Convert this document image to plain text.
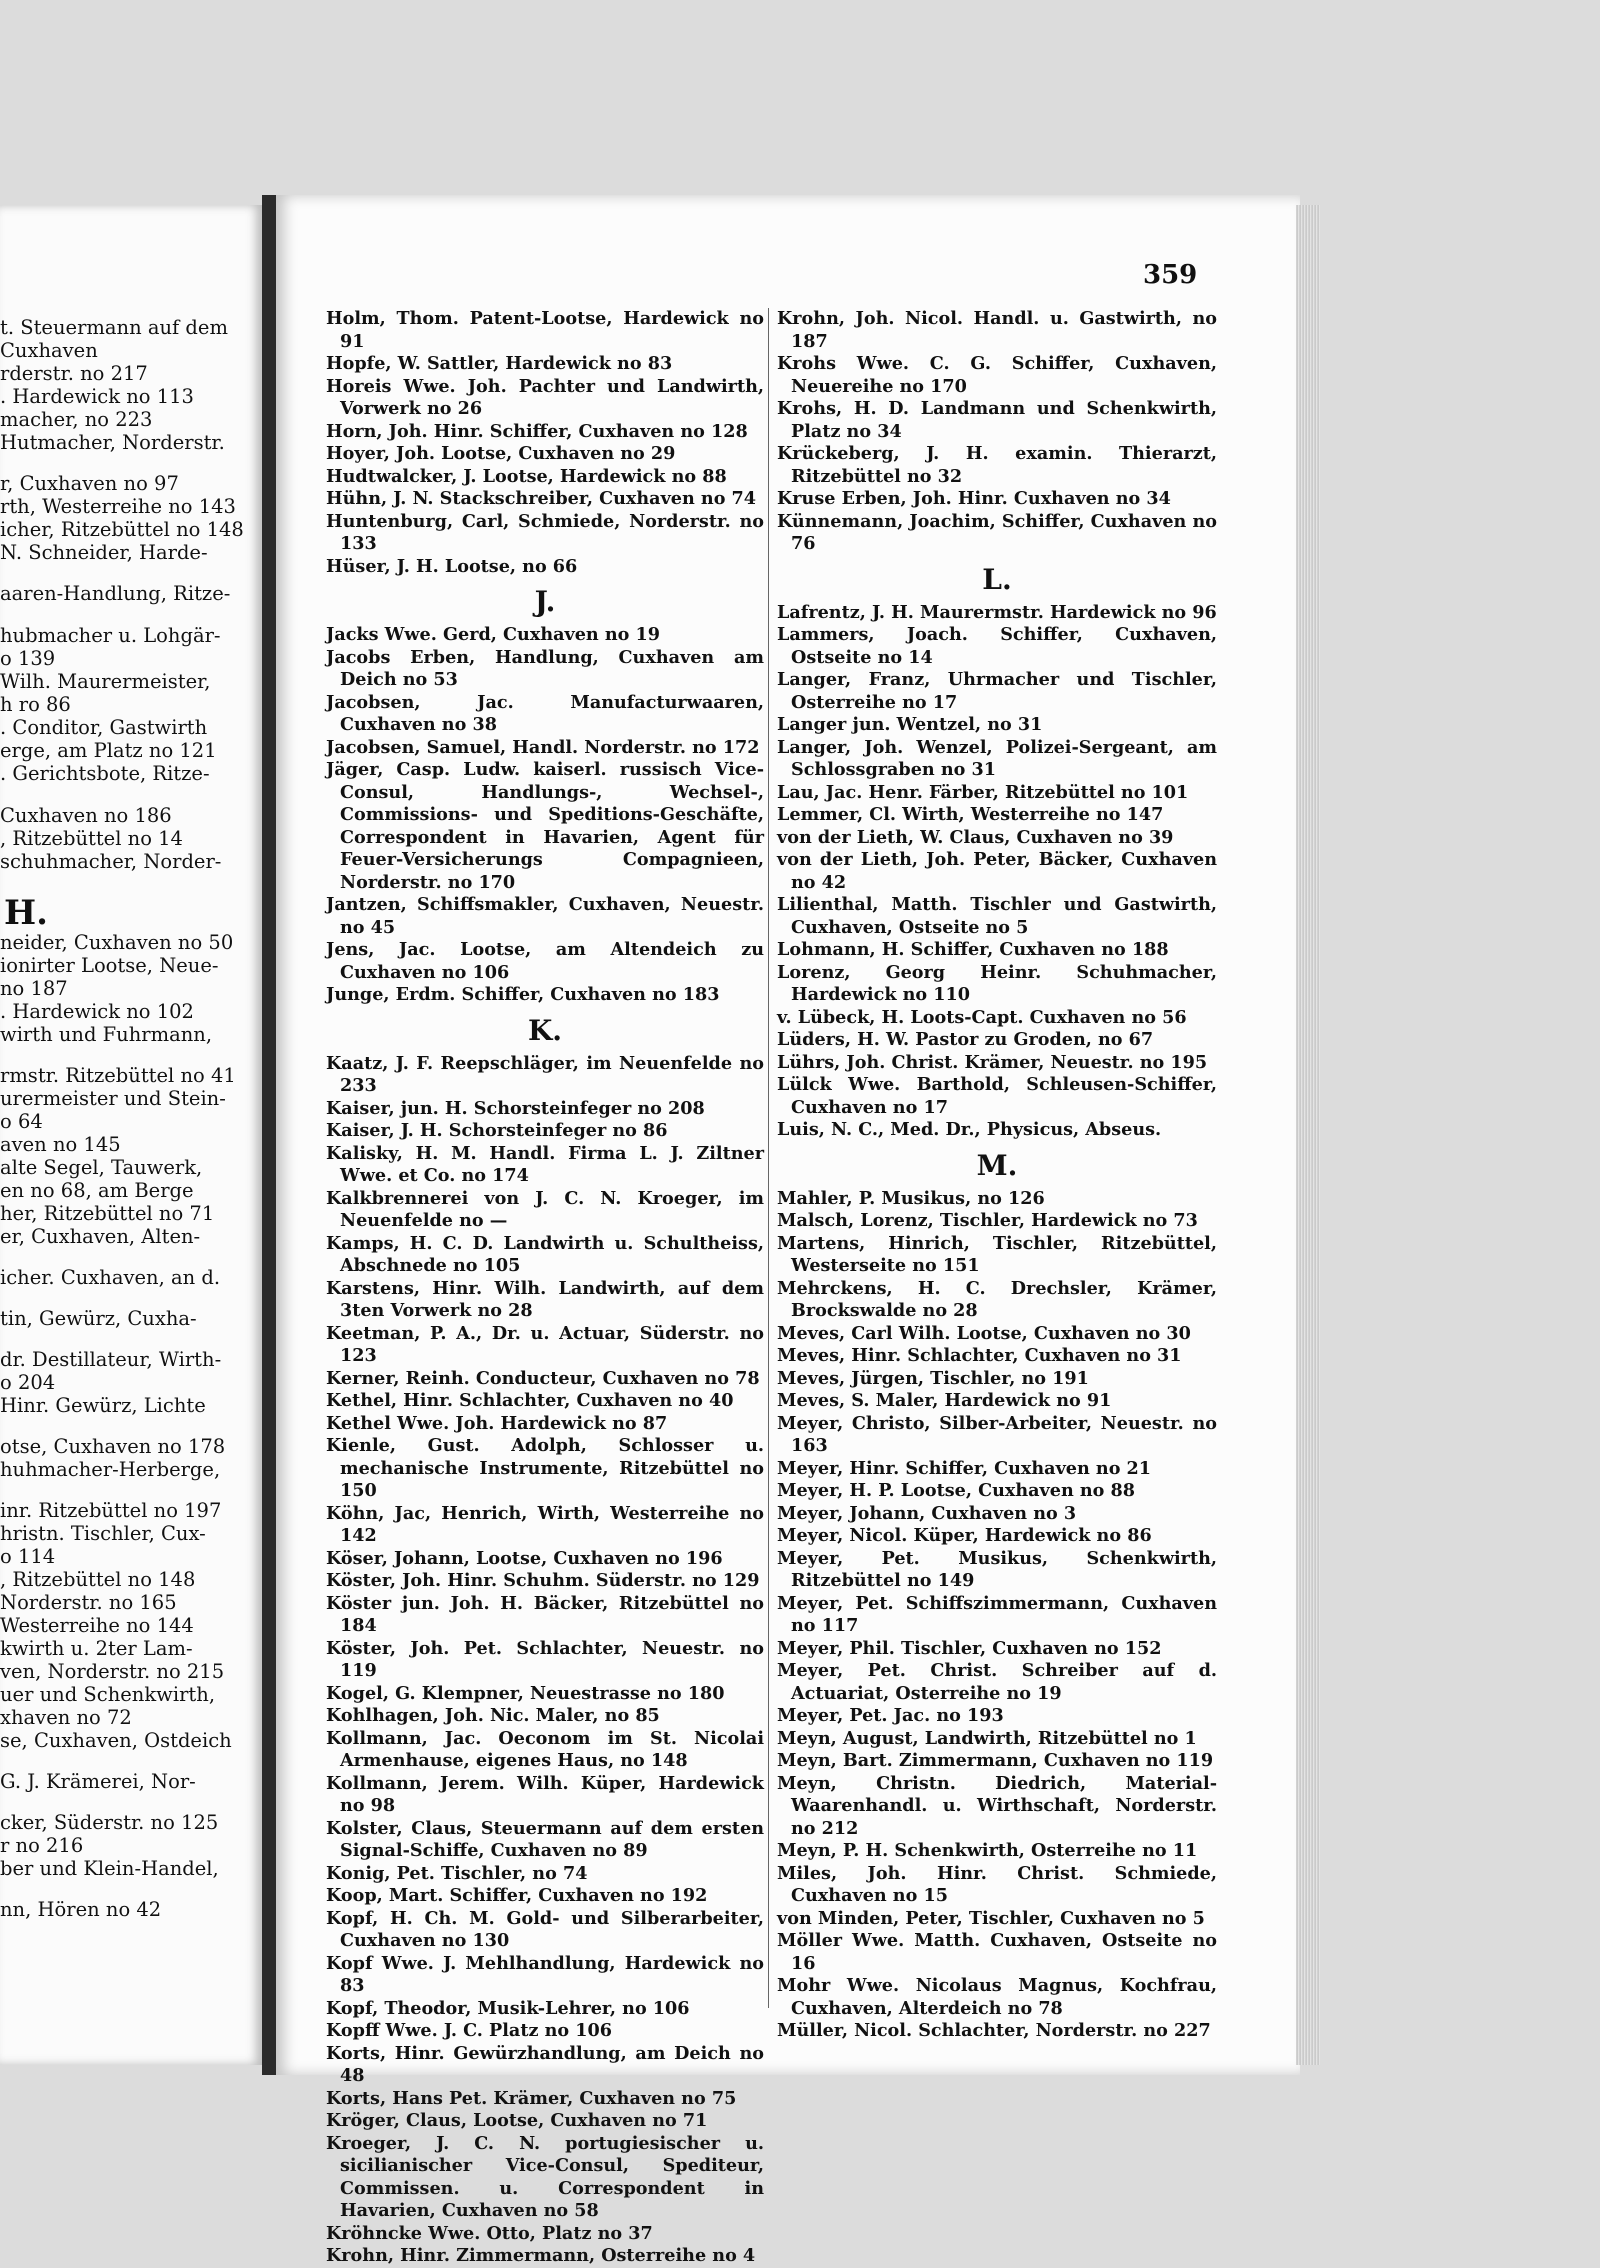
t. Steuermann auf dem
Cuxhaven
rderstr. no 217
. Hardewick no 113
macher, no 223
Hutmacher, Norderstr.
r, Cuxhaven no 97
rth, Westerreihe no 143
icher, Ritzebüttel no 148
N. Schneider, Harde-
aaren-Handlung, Ritze-
hubmacher u. Lohgär-
o 139
Wilh. Maurermeister,
h ro 86
. Conditor, Gastwirth
erge, am Platz no 121
. Gerichtsbote, Ritze-
Cuxhaven no 186
, Ritzebüttel no 14
schuhmacher, Norder-
neider, Cuxhaven no 50
ionirter Lootse, Neue-
no 187
. Hardewick no 102
wirth und Fuhrmann,
rmstr. Ritzebüttel no 41
urermeister und Stein-
o 64
aven no 145
alte Segel, Tauwerk,
en no 68, am Berge
her, Ritzebüttel no 71
er, Cuxhaven, Alten-
icher. Cuxhaven, an d.
tin, Gewürz, Cuxha-
dr. Destillateur, Wirth-
o 204
Hinr. Gewürz, Lichte
otse, Cuxhaven no 178
huhmacher-Herberge,
inr. Ritzebüttel no 197
hristn. Tischler, Cux-
o 114
, Ritzebüttel no 148
Norderstr. no 165
Westerreihe no 144
kwirth u. 2ter Lam-
ven, Norderstr. no 215
uer und Schenkwirth,
xhaven no 72
se, Cuxhaven, Ostdeich
G. J. Krämerei, Nor-
cker, Süderstr. no 125
r no 216
ber und Klein-Handel,
nn, Hören no 42
H.
359
Holm, Thom. Patent-Lootse, Hardewick no 91
Hopfe, W. Sattler, Hardewick no 83
Horeis Wwe. Joh. Pachter und Landwirth, Vorwerk no 26
Horn, Joh. Hinr. Schiffer, Cuxhaven no 128
Hoyer, Joh. Lootse, Cuxhaven no 29
Hudtwalcker, J. Lootse, Hardewick no 88
Hühn, J. N. Stackschreiber, Cuxhaven no 74
Huntenburg, Carl, Schmiede, Norderstr. no 133
Hüser, J. H. Lootse, no 66
J.
Jacks Wwe. Gerd, Cuxhaven no 19
Jacobs Erben, Handlung, Cuxhaven am Deich no 53
Jacobsen, Jac. Manufacturwaaren, Cuxhaven no 38
Jacobsen, Samuel, Handl. Norderstr. no 172
Jäger, Casp. Ludw. kaiserl. russisch Vice-Consul, Handlungs-, Wechsel-, Commissions- und Speditions-Geschäfte, Correspondent in Havarien, Agent für Feuer-Versicherungs Compagnieen, Norderstr. no 170
Jantzen, Schiffsmakler, Cuxhaven, Neuestr. no 45
Jens, Jac. Lootse, am Altendeich zu Cuxhaven no 106
Junge, Erdm. Schiffer, Cuxhaven no 183
K.
Kaatz, J. F. Reepschläger, im Neuenfelde no 233
Kaiser, jun. H. Schorsteinfeger no 208
Kaiser, J. H. Schorsteinfeger no 86
Kalisky, H. M. Handl. Firma L. J. Ziltner Wwe. et Co. no 174
Kalkbrennerei von J. C. N. Kroeger, im Neuenfelde no —
Kamps, H. C. D. Landwirth u. Schultheiss, Abschnede no 105
Karstens, Hinr. Wilh. Landwirth, auf dem 3ten Vorwerk no 28
Keetman, P. A., Dr. u. Actuar, Süderstr. no 123
Kerner, Reinh. Conducteur, Cuxhaven no 78
Kethel, Hinr. Schlachter, Cuxhaven no 40
Kethel Wwe. Joh. Hardewick no 87
Kienle, Gust. Adolph, Schlosser u. mechanische Instrumente, Ritzebüttel no 150
Köhn, Jac, Henrich, Wirth, Westerreihe no 142
Köser, Johann, Lootse, Cuxhaven no 196
Köster, Joh. Hinr. Schuhm. Süderstr. no 129
Köster jun. Joh. H. Bäcker, Ritzebüttel no 184
Köster, Joh. Pet. Schlachter, Neuestr. no 119
Kogel, G. Klempner, Neuestrasse no 180
Kohlhagen, Joh. Nic. Maler, no 85
Kollmann, Jac. Oeconom im St. Nicolai Armenhause, eigenes Haus, no 148
Kollmann, Jerem. Wilh. Küper, Hardewick no 98
Kolster, Claus, Steuermann auf dem ersten Signal-Schiffe, Cuxhaven no 89
Konig, Pet. Tischler, no 74
Koop, Mart. Schiffer, Cuxhaven no 192
Kopf, H. Ch. M. Gold- und Silberarbeiter, Cuxhaven no 130
Kopf Wwe. J. Mehlhandlung, Hardewick no 83
Kopf, Theodor, Musik-Lehrer, no 106
Kopff Wwe. J. C. Platz no 106
Korts, Hinr. Gewürzhandlung, am Deich no 48
Korts, Hans Pet. Krämer, Cuxhaven no 75
Kröger, Claus, Lootse, Cuxhaven no 71
Kroeger, J. C. N. portugiesischer u. sicilianischer Vice-Consul, Spediteur, Commissen. u. Correspondent in Havarien, Cuxhaven no 58
Kröhncke Wwe. Otto, Platz no 37
Krohn, Hinr. Zimmermann, Osterreihe no 4
Krohn, Joh. Nicol. Handl. u. Gastwirth, no 187
Krohs Wwe. C. G. Schiffer, Cuxhaven, Neuereihe no 170
Krohs, H. D. Landmann und Schenkwirth, Platz no 34
Krückeberg, J. H. examin. Thierarzt, Ritzebüttel no 32
Kruse Erben, Joh. Hinr. Cuxhaven no 34
Künnemann, Joachim, Schiffer, Cuxhaven no 76
L.
Lafrentz, J. H. Maurermstr. Hardewick no 96
Lammers, Joach. Schiffer, Cuxhaven, Ostseite no 14
Langer, Franz, Uhrmacher und Tischler, Osterreihe no 17
Langer jun. Wentzel, no 31
Langer, Joh. Wenzel, Polizei-Sergeant, am Schlossgraben no 31
Lau, Jac. Henr. Färber, Ritzebüttel no 101
Lemmer, Cl. Wirth, Westerreihe no 147
von der Lieth, W. Claus, Cuxhaven no 39
von der Lieth, Joh. Peter, Bäcker, Cuxhaven no 42
Lilienthal, Matth. Tischler und Gastwirth, Cuxhaven, Ostseite no 5
Lohmann, H. Schiffer, Cuxhaven no 188
Lorenz, Georg Heinr. Schuhmacher, Hardewick no 110
v. Lübeck, H. Loots-Capt. Cuxhaven no 56
Lüders, H. W. Pastor zu Groden, no 67
Lührs, Joh. Christ. Krämer, Neuestr. no 195
Lülck Wwe. Barthold, Schleusen-Schiffer, Cuxhaven no 17
Luis, N. C., Med. Dr., Physicus, Abseus.
M.
Mahler, P. Musikus, no 126
Malsch, Lorenz, Tischler, Hardewick no 73
Martens, Hinrich, Tischler, Ritzebüttel, Westerseite no 151
Mehrckens, H. C. Drechsler, Krämer, Brockswalde no 28
Meves, Carl Wilh. Lootse, Cuxhaven no 30
Meves, Hinr. Schlachter, Cuxhaven no 31
Meves, Jürgen, Tischler, no 191
Meves, S. Maler, Hardewick no 91
Meyer, Christo, Silber-Arbeiter, Neuestr. no 163
Meyer, Hinr. Schiffer, Cuxhaven no 21
Meyer, H. P. Lootse, Cuxhaven no 88
Meyer, Johann, Cuxhaven no 3
Meyer, Nicol. Küper, Hardewick no 86
Meyer, Pet. Musikus, Schenkwirth, Ritzebüttel no 149
Meyer, Pet. Schiffszimmermann, Cuxhaven no 117
Meyer, Phil. Tischler, Cuxhaven no 152
Meyer, Pet. Christ. Schreiber auf d. Actuariat, Osterreihe no 19
Meyer, Pet. Jac. no 193
Meyn, August, Landwirth, Ritzebüttel no 1
Meyn, Bart. Zimmermann, Cuxhaven no 119
Meyn, Christn. Diedrich, Material-Waarenhandl. u. Wirthschaft, Norderstr. no 212
Meyn, P. H. Schenkwirth, Osterreihe no 11
Miles, Joh. Hinr. Christ. Schmiede, Cuxhaven no 15
von Minden, Peter, Tischler, Cuxhaven no 5
Möller Wwe. Matth. Cuxhaven, Ostseite no 16
Mohr Wwe. Nicolaus Magnus, Kochfrau, Cuxhaven, Alterdeich no 78
Müller, Nicol. Schlachter, Norderstr. no 227
